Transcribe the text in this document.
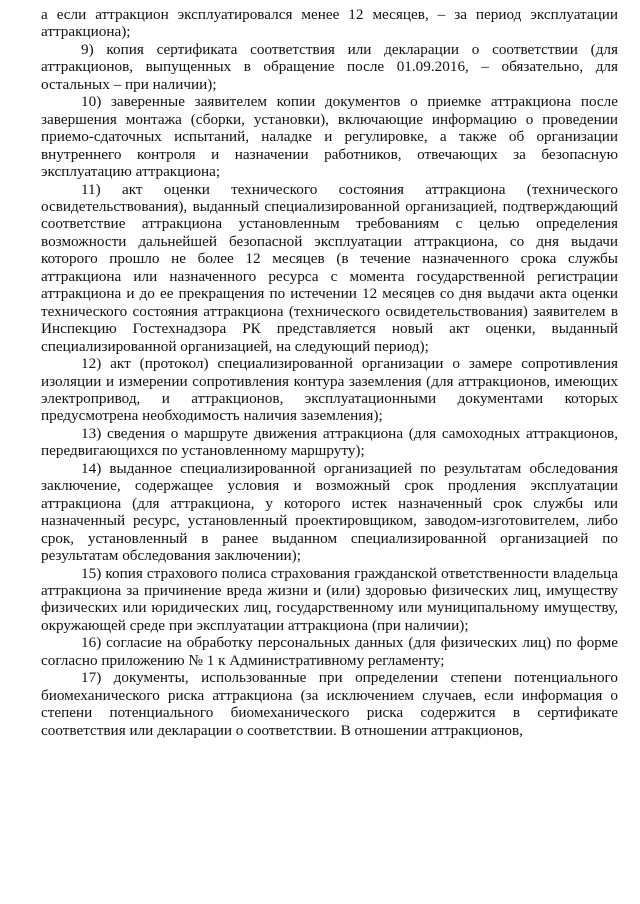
а если аттракцион эксплуатировался менее 12 месяцев, – за период эксплуатации аттракциона);

9) копия сертификата соответствия или декларации о соответствии (для аттракционов, выпущенных в обращение после 01.09.2016, – обязательно, для остальных – при наличии);

10) заверенные заявителем копии документов о приемке аттракциона после завершения монтажа (сборки, установки), включающие информацию о проведении приемо-сдаточных испытаний, наладке и регулировке, а также об организации внутреннего контроля и назначении работников, отвечающих за безопасную эксплуатацию аттракциона;

11) акт оценки технического состояния аттракциона (технического освидетельствования), выданный специализированной организацией, подтверждающий соответствие аттракциона установленным требованиям с целью определения возможности дальнейшей безопасной эксплуатации аттракциона, со дня выдачи которого прошло не более 12 месяцев (в течение назначенного срока службы аттракциона или назначенного ресурса с момента государственной регистрации аттракциона и до ее прекращения по истечении 12 месяцев со дня выдачи акта оценки технического состояния аттракциона (технического освидетельствования) заявителем в Инспекцию Гостехнадзора РК представляется новый акт оценки, выданный специализированной организацией, на следующий период);

12) акт (протокол) специализированной организации о замере сопротивления изоляции и измерении сопротивления контура заземления (для аттракционов, имеющих электропривод, и аттракционов, эксплуатационными документами которых предусмотрена необходимость наличия заземления);

13) сведения о маршруте движения аттракциона (для самоходных аттракционов, передвигающихся по установленному маршруту);

14) выданное специализированной организацией по результатам обследования заключение, содержащее условия и возможный срок продления эксплуатации аттракциона (для аттракциона, у которого истек назначенный срок службы или назначенный ресурс, установленный проектировщиком, заводом-изготовителем, либо срок, установленный в ранее выданном специализированной организацией по результатам обследования заключении);

15) копия страхового полиса страхования гражданской ответственности владельца аттракциона за причинение вреда жизни и (или) здоровью физических лиц, имуществу физических или юридических лиц, государственному или муниципальному имуществу, окружающей среде при эксплуатации аттракциона (при наличии);

16) согласие на обработку персональных данных (для физических лиц) по форме согласно приложению № 1 к Административному регламенту;

17) документы, использованные при определении степени потенциального биомеханического риска аттракциона (за исключением случаев, если информация о степени потенциального биомеханического риска содержится в сертификате соответствия или декларации о соответствии. В отношении аттракционов,
